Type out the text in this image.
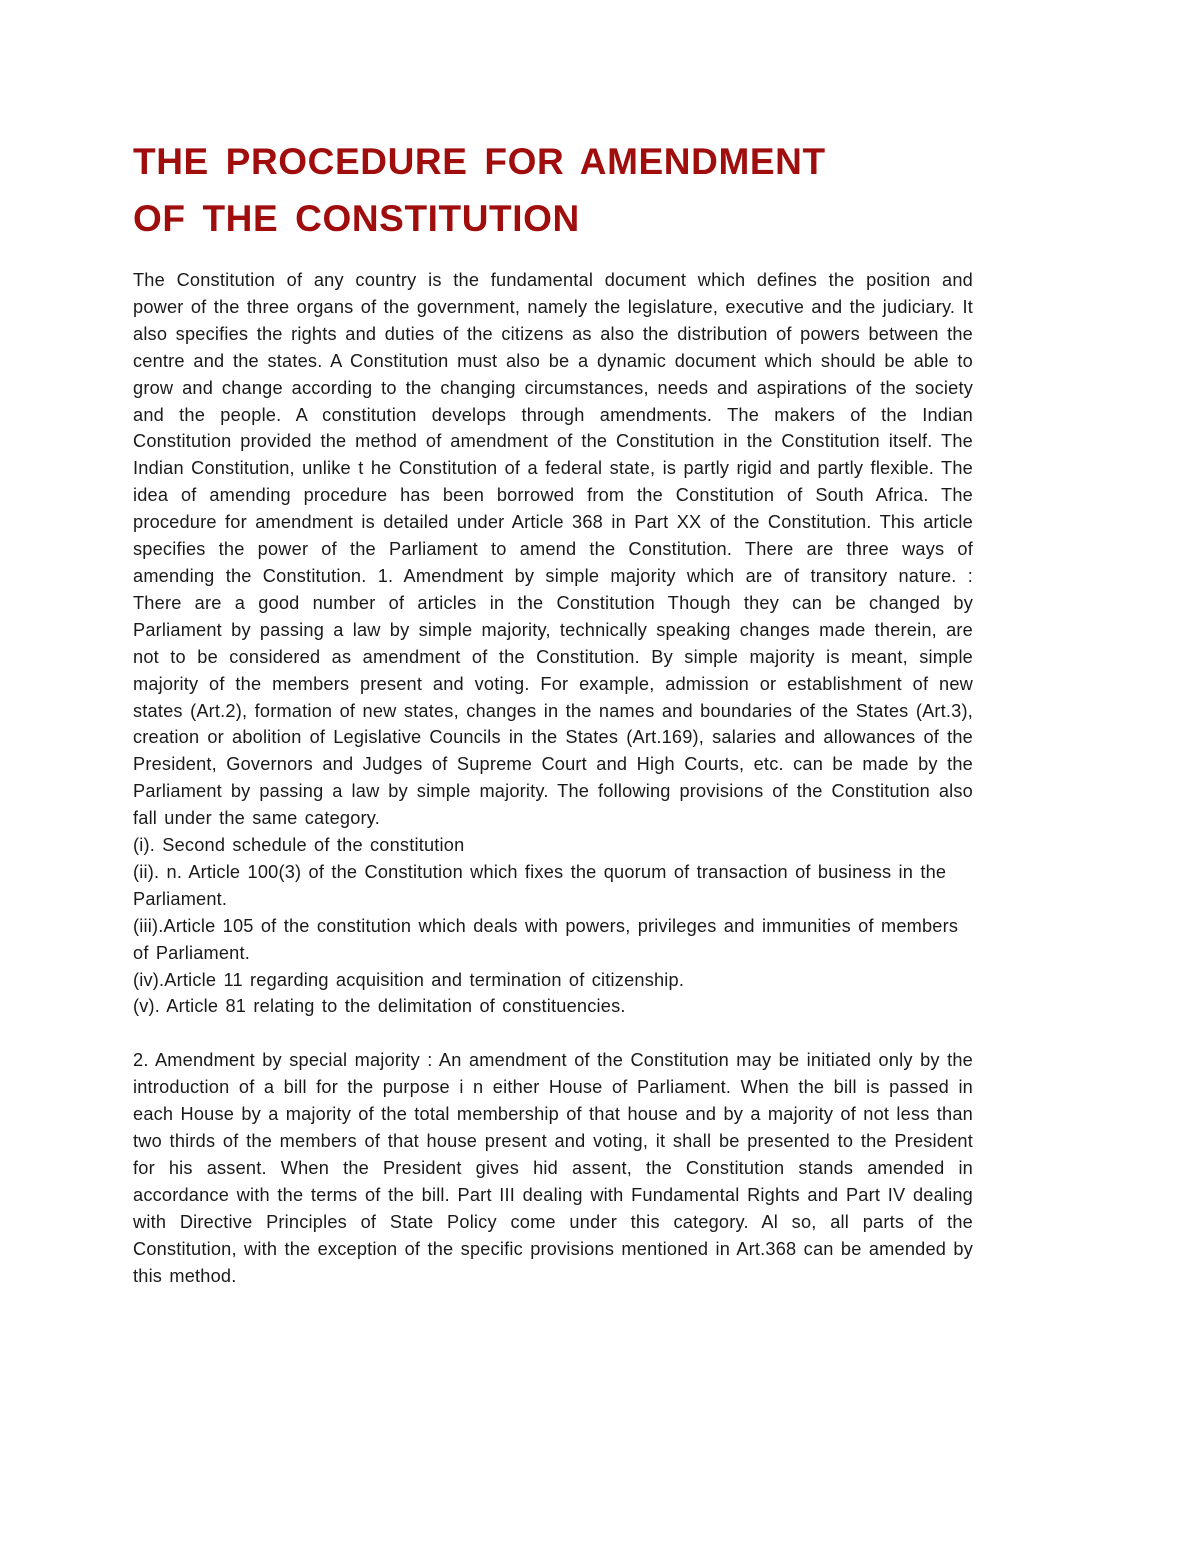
THE PROCEDURE FOR AMENDMENT
OF THE CONSTITUTION

The Constitution of any country is the fundamental document which defines the position and power of the three organs of the government, namely the legislature, executive and the judiciary. It also specifies the rights and duties of the citizens as also the distribution of powers between the centre and the states. A Constitution must also be a dynamic document which should be able to grow and change according to the changing circumstances, needs and aspirations of the society and the people. A constitution develops through amendments. The makers of the Indian Constitution provided the method of amendment of the Constitution in the Constitution itself. The Indian Constitution, unlike t he Constitution of a federal state, is partly rigid and partly flexible. The idea of amending procedure has been borrowed from the Constitution of South Africa. The procedure for amendment is detailed under Article 368 in Part XX of the Constitution. This article specifies the power of the Parliament to amend the Constitution. There are three ways of amending the Constitution. 1. Amendment by simple majority which are of transitory nature. : There are a good number of articles in the Constitution Though they can be changed by Parliament by passing a law by simple majority, technically speaking changes made therein, are not to be considered as amendment of the Constitution. By simple majority is meant, simple majority of the members present and voting. For example, admission or establishment of new states (Art.2), formation of new states, changes in the names and boundaries of the States (Art.3), creation or abolition of Legislative Councils in the States (Art.169), salaries and allowances of the President, Governors and Judges of Supreme Court and High Courts, etc. can be made by the Parliament by passing a law by simple majority. The following provisions of the Constitution also fall under the same category.

(i). Second schedule of the constitution

(ii). n. Article 100(3) of the Constitution which fixes the quorum of transaction of business in the Parliament.

(iii).Article 105 of the constitution which deals with powers, privileges and immunities of members of Parliament.

(iv).Article 11 regarding acquisition and termination of citizenship.

(v). Article 81 relating to the delimitation of constituencies.

2. Amendment by special majority : An amendment of the Constitution may be initiated only by the introduction of a bill for the purpose i n either House of Parliament. When the bill is passed in each House by a majority of the total membership of that house and by a majority of not less than two thirds of the members of that house present and voting, it shall be presented to the President for his assent. When the President gives hid assent, the Constitution stands amended in accordance with the terms of the bill. Part III dealing with Fundamental Rights and Part IV dealing with Directive Principles of State Policy come under this category. Al so, all parts of the Constitution, with the exception of the specific provisions mentioned in Art.368 can be amended by this method.
